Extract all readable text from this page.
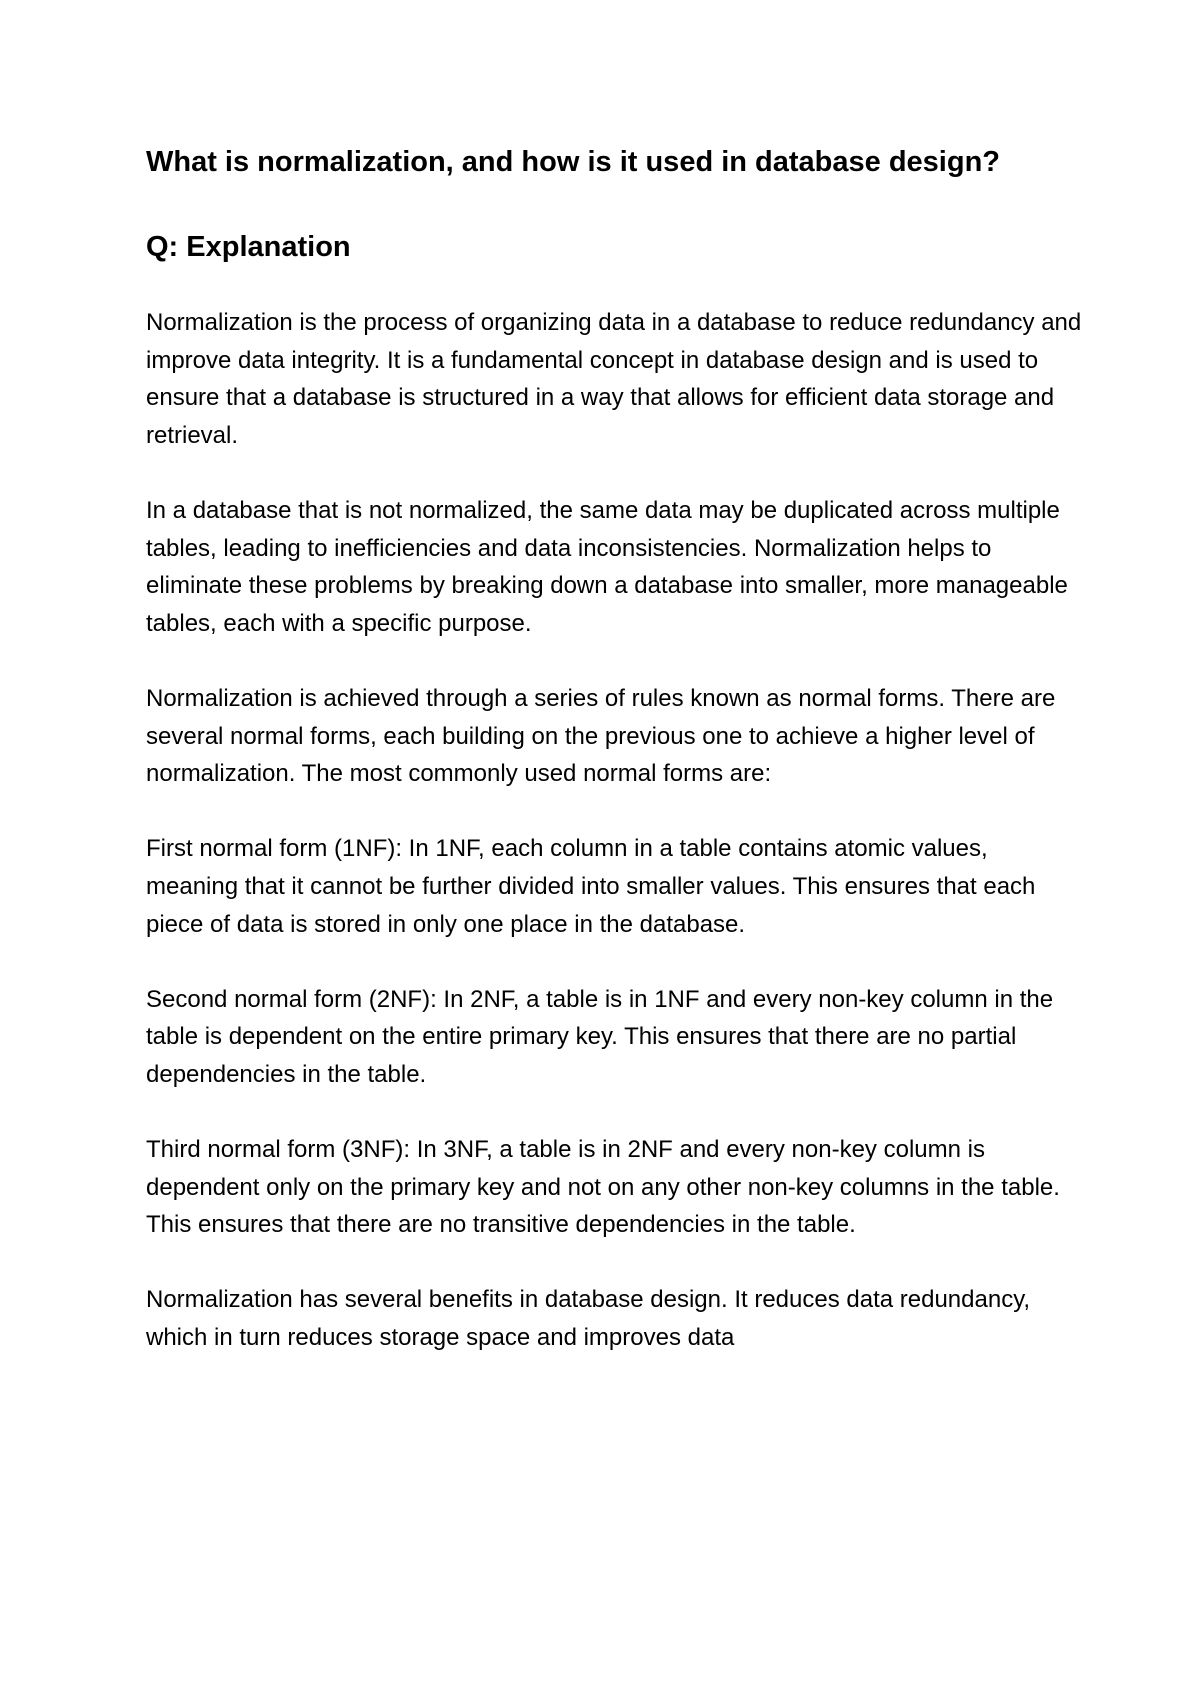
What is normalization, and how is it used in database design?
Q: Explanation

Normalization is the process of organizing data in a database to reduce redundancy and improve data integrity. It is a fundamental concept in database design and is used to ensure that a database is structured in a way that allows for efficient data storage and retrieval.

In a database that is not normalized, the same data may be duplicated across multiple tables, leading to inefficiencies and data inconsistencies. Normalization helps to eliminate these problems by breaking down a database into smaller, more manageable tables, each with a specific purpose.

Normalization is achieved through a series of rules known as normal forms. There are several normal forms, each building on the previous one to achieve a higher level of normalization. The most commonly used normal forms are:

First normal form (1NF): In 1NF, each column in a table contains atomic values, meaning that it cannot be further divided into smaller values. This ensures that each piece of data is stored in only one place in the database.

Second normal form (2NF): In 2NF, a table is in 1NF and every non-key column in the table is dependent on the entire primary key. This ensures that there are no partial dependencies in the table.

Third normal form (3NF): In 3NF, a table is in 2NF and every non-key column is dependent only on the primary key and not on any other non-key columns in the table. This ensures that there are no transitive dependencies in the table.

Normalization has several benefits in database design. It reduces data redundancy, which in turn reduces storage space and improves data
